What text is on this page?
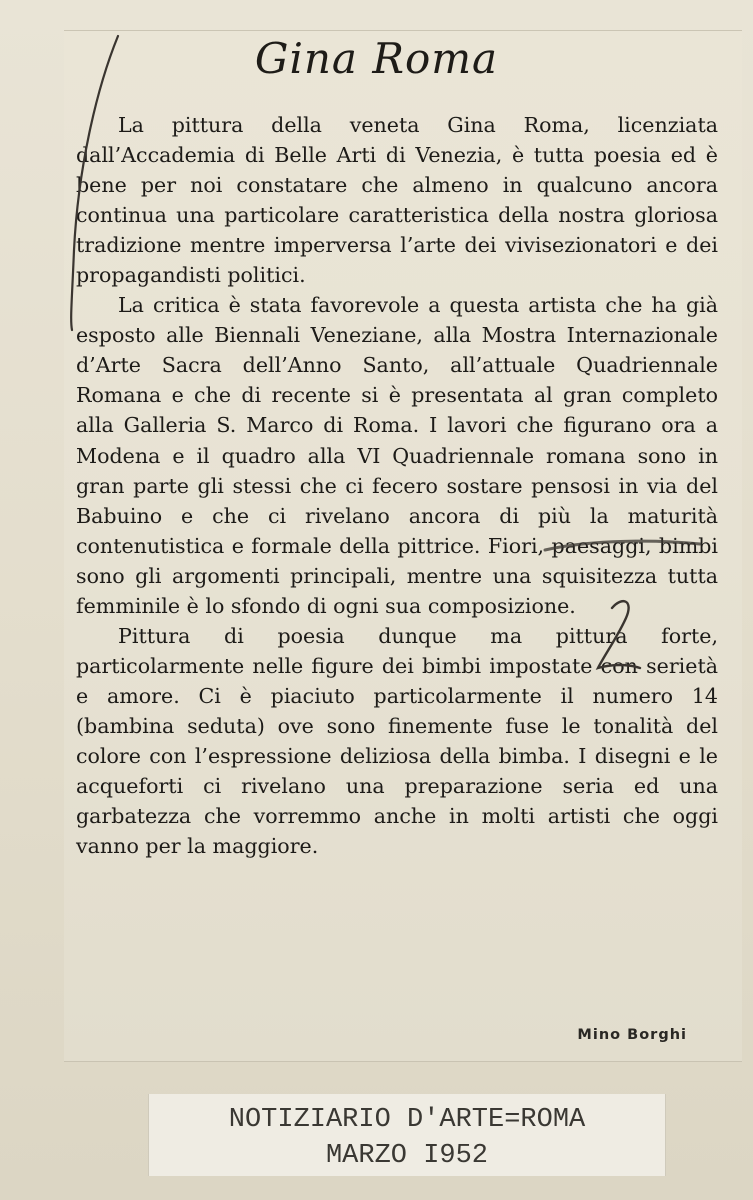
Gina Roma

La pittura della veneta Gina Roma, licenziata dall’Accademia di Belle Arti di Venezia, è tutta poesia ed è bene per noi constatare che almeno in qualcuno ancora continua una particolare caratteristica della nostra gloriosa tradizione mentre imperversa l’arte dei vivisezionatori e dei propagandisti politici.

La critica è stata favorevole a questa artista che ha già esposto alle Biennali Veneziane, alla Mostra Internazionale d’Arte Sacra dell’Anno Santo, all’attuale Quadriennale Romana e che di recente si è presentata al gran completo alla Galleria S. Marco di Roma. I lavori che figurano ora a Modena e il quadro alla VI Quadriennale romana sono in gran parte gli stessi che ci fecero sostare pensosi in via del Babuino e che ci rivelano ancora di più la maturità contenutistica e formale della pittrice. Fiori, paesaggi, bimbi sono gli argomenti principali, mentre una squisitezza tutta femminile è lo sfondo di ogni sua composizione.

Pittura di poesia dunque ma pittura forte, particolarmente nelle figure dei bimbi impostate con serietà e amore. Ci è piaciuto particolarmente il numero 14 (bambina seduta) ove sono finemente fuse le tonalità del colore con l’espressione deliziosa della bimba. I disegni e le acqueforti ci rivelano una preparazione seria ed una garbatezza che vorremmo anche in molti artisti che oggi vanno per la maggiore.

Mino Borghi
NOTIZIARIO D'ARTE=ROMA
MARZO I952
